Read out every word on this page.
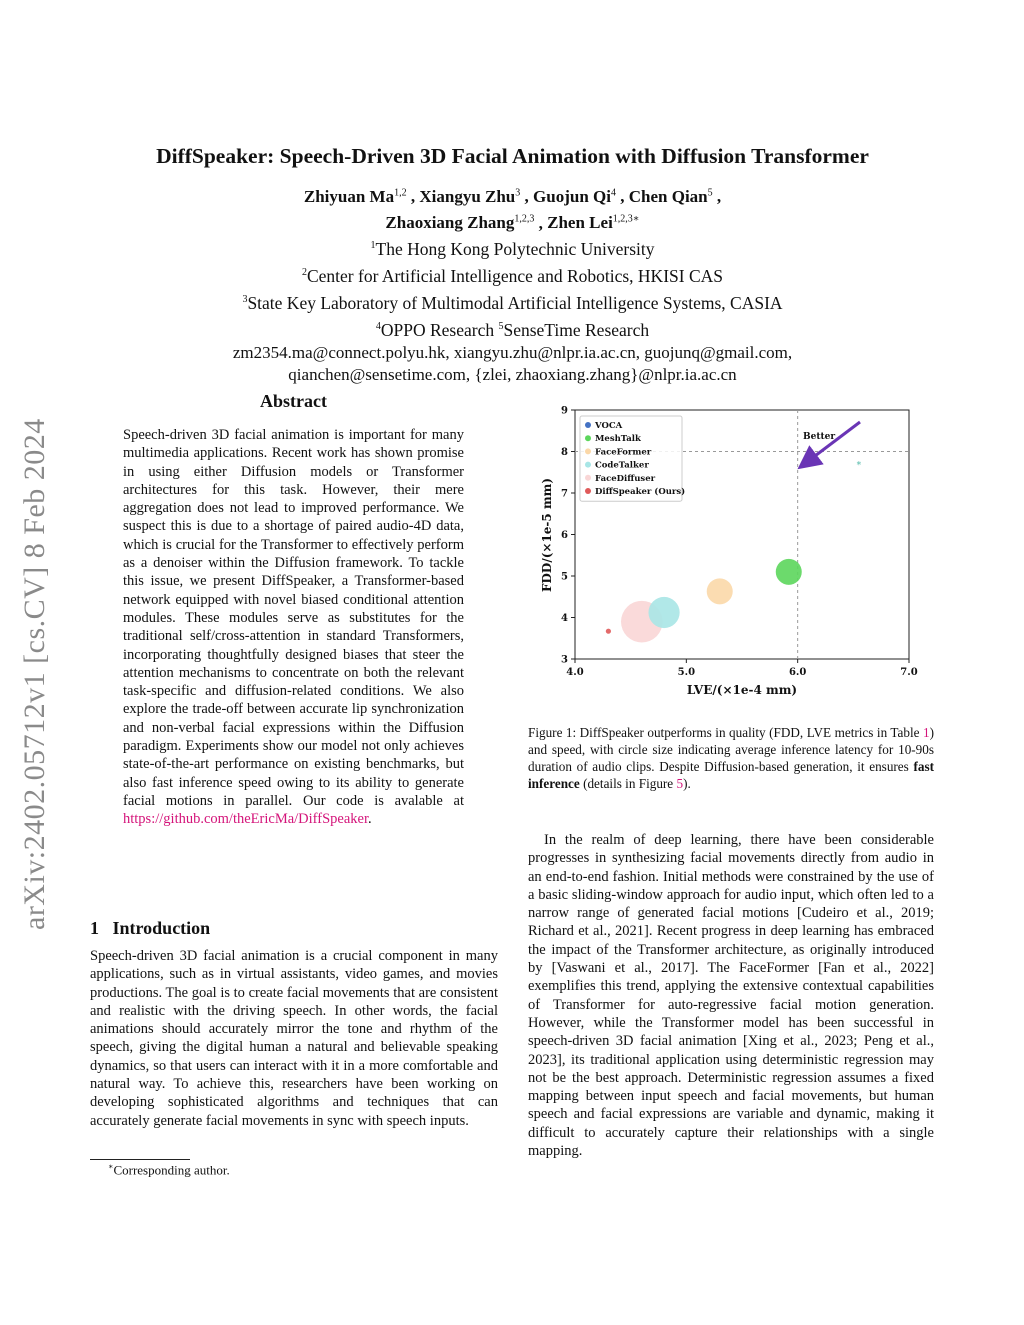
arXiv:2402.05712v1 [cs.CV] 8 Feb 2024
DiffSpeaker: Speech-Driven 3D Facial Animation with Diffusion Transformer
Zhiyuan Ma$^{1,2}$ , Xiangyu Zhu$^3$ , Guojun Qi$^4$ , Chen Qian$^5$ ,
Zhaoxiang Zhang$^{1,2,3}$ , Zhen Lei$^{1,2,3∗}$
$^1$The Hong Kong Polytechnic University
$^2$Center for Artificial Intelligence and Robotics, HKISI CAS
$^3$State Key Laboratory of Multimodal Artificial Intelligence Systems, CASIA
$^4$OPPO Research $^5$SenseTime Research
zm2354.ma@connect.polyu.hk, xiangyu.zhu@nlpr.ia.ac.cn, guojunq@gmail.com,
qianchen@sensetime.com, {zlei, zhaoxiang.zhang}@nlpr.ia.ac.cn
Abstract
Speech-driven 3D facial animation is important for many multimedia applications. Recent work has shown promise in using either Diffusion models or Transformer architectures for this task. However, their mere aggregation does not lead to improved performance. We suspect this is due to a shortage of paired audio-4D data, which is crucial for the Transformer to effectively perform as a denoiser within the Diffusion framework. To tackle this issue, we present DiffSpeaker, a Transformer-based network equipped with novel biased conditional attention modules. These modules serve as substitutes for the traditional self/cross-attention in standard Transformers, incorporating thoughtfully designed biases that steer the attention mechanisms to concentrate on both the relevant task-specific and diffusion-related conditions. We also explore the trade-off between accurate lip synchronization and non-verbal facial expressions within the Diffusion paradigm. Experiments show our model not only achieves state-of-the-art performance on existing benchmarks, but also fast inference speed owing to its ability to generate facial motions in parallel. Our code is avalable at https://github.com/theEricMa/DiffSpeaker.
1 Introduction
Speech-driven 3D facial animation is a crucial component in many applications, such as in virtual assistants, video games, and movies productions. The goal is to create facial movements that are consistent and realistic with the driving speech. In other words, the facial animations should accurately mirror the tone and rhythm of the speech, giving the digital human a natural and believable speaking dynamics, so that users can interact with it in a more comfortable and natural way. To achieve this, researchers have been working on developing sophisticated algorithms and techniques that can accurately generate facial movements in sync with speech inputs.
∗Corresponding author.
4.0	5.0	6.0	7.0
3
4
5
6
7
8
9
*
Better
VOCA
MeshTalk
FaceFormer
CodeTalker
FaceDiffuser
DiffSpeaker (Ours)
LVE/(×1e-4 mm)
FDD/(×1e-5 mm)
Figure 1: DiffSpeaker outperforms in quality (FDD, LVE metrics in Table 1) and speed, with circle size indicating average inference latency for 10-90s duration of audio clips. Despite Diffusion-based generation, it ensures fast inference (details in Figure 5).
In the realm of deep learning, there have been considerable progresses in synthesizing facial movements directly from audio in an end-to-end fashion. Initial methods were constrained by the use of a basic sliding-window approach for audio input, which often led to a narrow range of generated facial motions [Cudeiro et al., 2019; Richard et al., 2021]. Recent progress in deep learning has embraced the impact of the Transformer architecture, as originally introduced by [Vaswani et al., 2017]. The FaceFormer [Fan et al., 2022] exemplifies this trend, applying the extensive contextual capabilities of Transformer for auto-regressive facial motion generation. However, while the Transformer model has been successful in speech-driven 3D facial animation [Xing et al., 2023; Peng et al., 2023], its traditional application using deterministic regression may not be the best approach. Deterministic regression assumes a fixed mapping between input speech and facial movements, but human speech and facial expressions are variable and dynamic, making it difficult to accurately capture their relationships with a single mapping.
